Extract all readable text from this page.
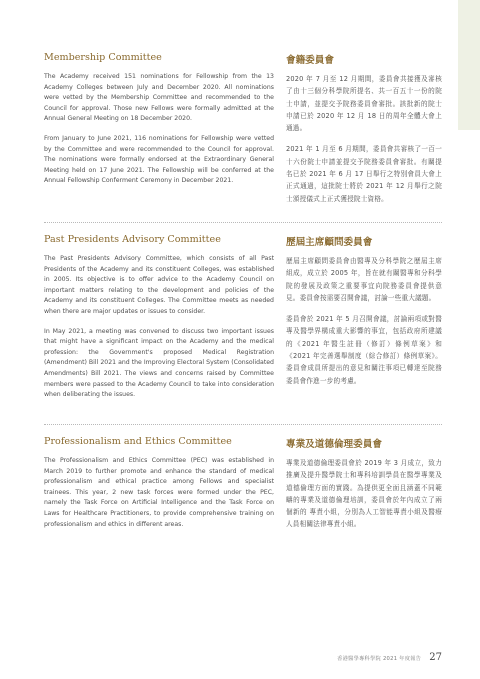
Membership Committee

The Academy received 151 nominations for Fellowship from the 13 Academy Colleges between July and December 2020. All nominations were vetted by the Membership Committee and recommended to the Council for approval. Those new Fellows were formally admitted at the Annual General Meeting on 18 December 2020.

From January to June 2021, 116 nominations for Fellowship were vetted by the Committee and were recommended to the Council for approval. The nominations were formally endorsed at the Extraordinary General Meeting held on 17 June 2021. The Fellowship will be conferred at the Annual Fellowship Conferment Ceremony in December 2021.

會籍委員會

2020 年 7 月至 12 月期間，委員會共接獲及審核了由十三個分科學院所提名、共一百五十一份的院士申請，並提交予院務委員會審批。該批新的院士申請已於 2020 年 12 月 18 日的周年全體大會上通過。

2021 年 1 月至 6 月期間，委員會共審核了一百一十六份院士申請並提交予院務委員會審批。有關提名已於 2021 年 6 月 17 日舉行之特別會員大會上正式通過，這批院士將於 2021 年 12 月舉行之院士頒授儀式上正式獲授院士資格。

Past Presidents Advisory Committee

The Past Presidents Advisory Committee, which consists of all Past Presidents of the Academy and its constituent Colleges, was established in 2005. Its objective is to offer advice to the Academy Council on important matters relating to the development and policies of the Academy and its constituent Colleges. The Committee meets as needed when there are major updates or issues to consider.

In May 2021, a meeting was convened to discuss two important issues that might have a significant impact on the Academy and the medical profession: the Government's proposed Medical Registration (Amendment) Bill 2021 and the Improving Electoral System (Consolidated Amendments) Bill 2021. The views and concerns raised by Committee members were passed to the Academy Council to take into consideration when deliberating the issues.

歷屆主席顧問委員會

歷屆主席顧問委員會由醫專及分科學院之歷屆主席組成，成立於 2005 年，旨在就有關醫專和分科學院的發展及政策之重要事宜向院務委員會提供意見。委員會按需要召開會議，討論一些重大議題。

委員會於 2021 年 5 月召開會議，討論兩項或對醫專及醫學界構成重大影響的事宜，包括政府所建議的《2021 年醫生註冊（修訂）條例草案》和《2021 年完善選舉制度（綜合修訂）條例草案》。委員會成員所提出的意見和關注事項已轉達至院務委員會作進一步的考慮。

Professionalism and Ethics Committee

The Professionalism and Ethics Committee (PEC) was established in March 2019 to further promote and enhance the standard of medical professionalism and ethical practice among Fellows and specialist trainees. This year, 2 new task forces were formed under the PEC, namely the Task Force on Artificial Intelligence and the Task Force on Laws for Healthcare Practitioners, to provide comprehensive training on professionalism and ethics in different areas.

專業及道德倫理委員會

專業及道德倫理委員會於 2019 年 3 月成立，致力推廣及提升醫學院士和專科培訓學員在醫學專業及道德倫理方面的實踐。為提供更全面且涵蓋不同範疇的專業及道德倫理培訓，委員會於年內成立了兩個新的 專責小組，分別為人工智能專責小組及醫療人員相關法律專責小組。

香港醫學專科學院 2021 年度報告 27
